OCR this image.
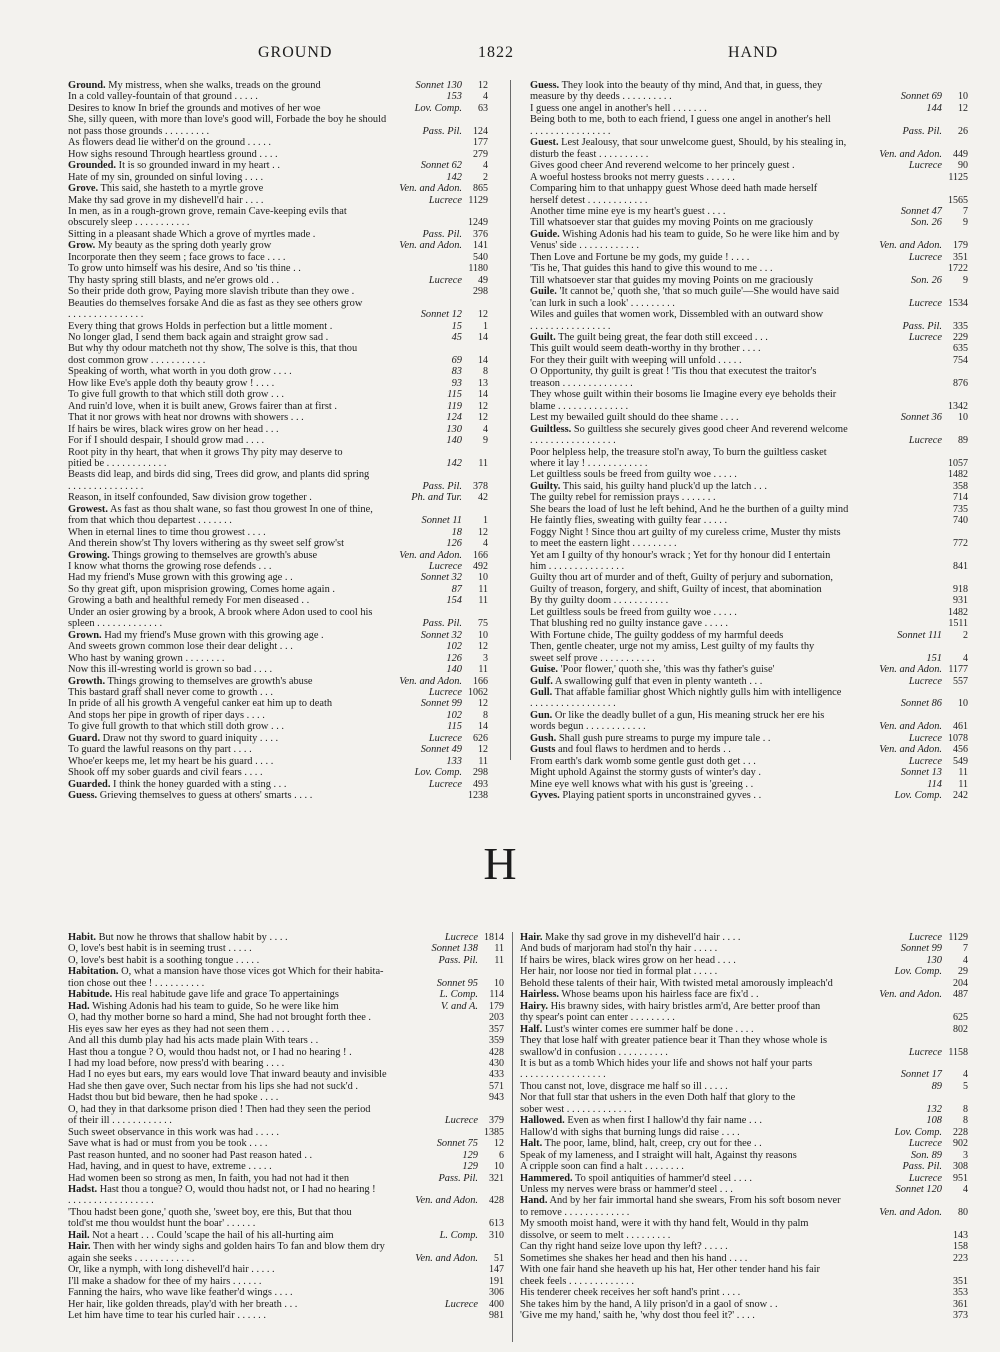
GROUND	1822	HAND
Ground. My mistress, when she walks, treads on the ground	Sonnet 130	12
In a cold valley-fountain of that ground . . . . .	153	4
Desires to know In brief the grounds and motives of her woe	Lov. Comp.	63
She, silly queen, with more than love's good will, Forbade the boy he should
not pass those grounds . . . . . . . . .	Pass. Pil.	124
As flowers dead lie wither'd on the ground . . . . .	177
How sighs resound Through heartless ground . . . .	279
Grounded. It is so grounded inward in my heart . .	Sonnet 62	4
Hate of my sin, grounded on sinful loving . . . .	142	2
Grove. This said, she hasteth to a myrtle grove	Ven. and Adon.	865
Make thy sad grove in my dishevell'd hair . . . .	Lucrece 1129
In men, as in a rough-grown grove, remain Cave-keeping evils that
obscurely sleep . . . . . . . . . . .	1249
Sitting in a pleasant shade Which a grove of myrtles made .	Pass. Pil.	376
Grow. My beauty as the spring doth yearly grow	Ven. and Adon.	141
Incorporate then they seem ; face grows to face . . . .	540
To grow unto himself was his desire, And so 'tis thine . .	1180
Thy hasty spring still blasts, and ne'er grows old . .	Lucrece	49
So their pride doth grow, Paying more slavish tribute than they owe .	298
Beauties do themselves forsake And die as fast as they see others grow
. . . . . . . . . . . . . . .	Sonnet 12	12
Every thing that grows Holds in perfection but a little moment .	15	1
No longer glad, I send them back again and straight grow sad .	45	14
But why thy odour matcheth not thy show, The solve is this, that thou
dost common grow . . . . . . . . . . .	69	14
Speaking of worth, what worth in you doth grow . . . .	83	8
How like Eve's apple doth thy beauty grow ! . . . .	93	13
To give full growth to that which still doth grow . . .	115	14
And ruin'd love, when it is built anew, Grows fairer than at first .	119	12
That it nor grows with heat nor drowns with showers . . .	124	12
If hairs be wires, black wires grow on her head . . .	130	4
For if I should despair, I should grow mad . . . .	140	9
Root pity in thy heart, that when it grows Thy pity may deserve to
pitied be . . . . . . . . . . . .	142	11
Beasts did leap, and birds did sing, Trees did grow, and plants did spring
. . . . . . . . . . . . . . .	Pass. Pil.	378
Reason, in itself confounded, Saw division grow together .	Ph. and Tur.	42
Growest. As fast as thou shalt wane, so fast thou growest In one of thine,
from that which thou departest . . . . . . .	Sonnet 11	1
When in eternal lines to time thou growest . . . .	18	12
And therein show'st Thy lovers withering as thy sweet self grow'st	126	4
Growing. Things growing to themselves are growth's abuse	Ven. and Adon.	166
I know what thorns the growing rose defends . . .	Lucrece	492
Had my friend's Muse grown with this growing age . .	Sonnet 32	10
So thy great gift, upon misprision growing, Comes home again .	87	11
Growing a bath and healthful remedy For men diseased . .	154	11
Under an osier growing by a brook, A brook where Adon used to cool his
spleen . . . . . . . . . . . . .	Pass. Pil.	75
Grown. Had my friend's Muse grown with this growing age .	Sonnet 32	10
And sweets grown common lose their dear delight . . .	102	12
Who hast by waning grown . . . . . . . .	126	3
Now this ill-wresting world is grown so bad . . . .	140	11
Growth. Things growing to themselves are growth's abuse	Ven. and Adon.	166
This bastard graff shall never come to growth . . .	Lucrece 1062
In pride of all his growth A vengeful canker eat him up to death	Sonnet 99	12
And stops her pipe in growth of riper days . . . .	102	8
To give full growth to that which still doth grow . . .	115	14
Guard. Draw not thy sword to guard iniquity . . . .	Lucrece	626
To guard the lawful reasons on thy part . . . .	Sonnet 49	12
Whoe'er keeps me, let my heart be his guard . . . .	133	11
Shook off my sober guards and civil fears . . . .	Lov. Comp.	298
Guarded. I think the honey guarded with a sting . . .	Lucrece	493
Guess. Grieving themselves to guess at others' smarts . . . .	1238
Guess. They look into the beauty of thy mind, And that, in guess, they
measure by thy deeds . . . . . . . . . .	Sonnet 69	10
I guess one angel in another's hell . . . . . . .	144	12
Being both to me, both to each friend, I guess one angel in another's hell
. . . . . . . . . . . . . . . .	Pass. Pil.	26
Guest. Lest Jealousy, that sour unwelcome guest, Should, by his stealing in,
disturb the feast . . . . . . . . . .	Ven. and Adon.	449
Gives good cheer And reverend welcome to her princely guest .	Lucrece	90
A woeful hostess brooks not merry guests . . . . . .	1125
Comparing him to that unhappy guest Whose deed hath made herself
herself detest . . . . . . . . . . . .	1565
Another time mine eye is my heart's guest . . . .	Sonnet 47	7
Till whatsoever star that guides my moving Points on me graciously	Son. 26	9
Guide. Wishing Adonis had his team to guide, So he were like him and by
Venus' side . . . . . . . . . . . .	Ven. and Adon.	179
Then Love and Fortune be my gods, my guide ! . . . .	Lucrece	351
'Tis he, That guides this hand to give this wound to me . . .	1722
Till whatsoever star that guides my moving Points on me graciously	Son. 26	9
Guile. 'It cannot be,' quoth she, 'that so much guile'—She would have said
'can lurk in such a look' . . . . . . . . .	Lucrece 1534
Wiles and guiles that women work, Dissembled with an outward show
. . . . . . . . . . . . . . . .	Pass. Pil.	335
Guilt. The guilt being great, the fear doth still exceed . . .	Lucrece	229
This guilt would seem death-worthy in thy brother . . . .	635
For they their guilt with weeping will unfold . . . . .	754
O Opportunity, thy guilt is great ! 'Tis thou that executest the traitor's
treason . . . . . . . . . . . . . .	876
They whose guilt within their bosoms lie Imagine every eye beholds their
blame . . . . . . . . . . . . . .	1342
Lest my bewailed guilt should do thee shame . . . .	Sonnet 36	10
Guiltless. So guiltless she securely gives good cheer And reverend welcome
. . . . . . . . . . . . . . . . .	Lucrece	89
Poor helpless help, the treasure stol'n away, To burn the guiltless casket
where it lay ! . . . . . . . . . . . .	1057
Let guiltless souls be freed from guilty woe . . . . .	1482
Guilty. This said, his guilty hand pluck'd up the latch . . .	358
The guilty rebel for remission prays . . . . . . .	714
She bears the load of lust he left behind, And he the burthen of a guilty mind	735
He faintly flies, sweating with guilty fear . . . . .	740
Foggy Night ! Since thou art guilty of my cureless crime, Muster thy mists
to meet the eastern light . . . . . . . . .	772
Yet am I guilty of thy honour's wrack ; Yet for thy honour did I entertain
him . . . . . . . . . . . . . . .	841
Guilty thou art of murder and of theft, Guilty of perjury and subornation,
Guilty of treason, forgery, and shift, Guilty of incest, that abomination	918
By thy guilty doom . . . . . . . . . . .	931
Let guiltless souls be freed from guilty woe . . . . .	1482
That blushing red no guilty instance gave . . . . .	1511
With Fortune chide, The guilty goddess of my harmful deeds	Sonnet 111	2
Then, gentle cheater, urge not my amiss, Lest guilty of my faults thy
sweet self prove . . . . . . . . . . .	151	4
Guise. 'Poor flower,' quoth she, 'this was thy father's guise'	Ven. and Adon. 1177
Gulf. A swallowing gulf that even in plenty wanteth . . .	Lucrece	557
Gull. That affable familiar ghost Which nightly gulls him with intelligence
. . . . . . . . . . . . . . . . .	Sonnet 86	10
Gun. Or like the deadly bullet of a gun, His meaning struck her ere his
words begun . . . . . . . . . . . .	Ven. and Adon.	461
Gush. Shall gush pure streams to purge my impure tale . .	Lucrece 1078
Gusts and foul flaws to herdmen and to herds . .	Ven. and Adon.	456
From earth's dark womb some gentle gust doth get . . .	Lucrece	549
Might uphold Against the stormy gusts of winter's day .	Sonnet 13	11
Mine eye well knows what with his gust is 'greeing . .	114	11
Gyves. Playing patient sports in unconstrained gyves . .	Lov. Comp.	242
H
Habit. But now he throws that shallow habit by . . . .	Lucrece 1814
O, love's best habit is in seeming trust . . . . .	Sonnet 138	11
O, love's best habit is a soothing tongue . . . . .	Pass. Pil.	11
Habitation. O, what a mansion have those vices got Which for their habita-
tion chose out thee ! . . . . . . . . . .	Sonnet 95	10
Habitude. His real habitude gave life and grace To appertainings	L. Comp.	114
Had. Wishing Adonis had his team to guide, So he were like him	V. and A.	179
O, had thy mother borne so hard a mind, She had not brought forth thee .	203
His eyes saw her eyes as they had not seen them . . . .	357
And all this dumb play had his acts made plain With tears . .	359
Hast thou a tongue ? O, would thou hadst not, or I had no hearing ! .	428
I had my load before, now press'd with bearing . . . .	430
Had I no eyes but ears, my ears would love That inward beauty and invisible	433
Had she then gave over, Such nectar from his lips she had not suck'd .	571
Hadst thou but bid beware, then he had spoke . . . .	943
O, had they in that darksome prison died ! Then had they seen the period
of their ill . . . . . . . . . . . .	Lucrece	379
Such sweet observance in this work was had . . . . .	1385
Save what is had or must from you be took . . . .	Sonnet 75	12
Past reason hunted, and no sooner had Past reason hated . .	129	6
Had, having, and in quest to have, extreme . . . . .	129	10
Had women been so strong as men, In faith, you had not had it then	Pass. Pil.	321
Hadst. Hast thou a tongue? O, would thou hadst not, or I had no hearing !
. . . . . . . . . . . . . . . . .	Ven. and Adon.	428
'Thou hadst been gone,' quoth she, 'sweet boy, ere this, But that thou
told'st me thou wouldst hunt the boar' . . . . . .	613
Hail. Not a heart . . . Could 'scape the hail of his all-hurting aim	L. Comp.	310
Hair. Then with her windy sighs and golden hairs To fan and blow them dry
again she seeks . . . . . . . . . . . .	Ven. and Adon.	51
Or, like a nymph, with long dishevell'd hair . . . . .	147
I'll make a shadow for thee of my hairs . . . . . .	191
Fanning the hairs, who wave like feather'd wings . . . .	306
Her hair, like golden threads, play'd with her breath . . .	Lucrece	400
Let him have time to tear his curled hair . . . . . .	981
Hair. Make thy sad grove in my dishevell'd hair . . . .	Lucrece 1129
And buds of marjoram had stol'n thy hair . . . . .	Sonnet 99	7
If hairs be wires, black wires grow on her head . . . .	130	4
Her hair, nor loose nor tied in formal plat . . . . .	Lov. Comp.	29
Behold these talents of their hair, With twisted metal amorously impleach'd	204
Hairless. Whose beams upon his hairless face are fix'd . .	Ven. and Adon.	487
Hairy. His brawny sides, with hairy bristles arm'd, Are better proof than
thy spear's point can enter . . . . . . . . .	625
Half. Lust's winter comes ere summer half be done . . . .	802
They that lose half with greater patience bear it Than they whose whole is
swallow'd in confusion . . . . . . . . . .	Lucrece 1158
It is but as a tomb Which hides your life and shows not half your parts
. . . . . . . . . . . . . . . . .	Sonnet 17	4
Thou canst not, love, disgrace me half so ill . . . . .	89	5
Nor that full star that ushers in the even Doth half that glory to the
sober west . . . . . . . . . . . . .	132	8
Hallowed. Even as when first I hallow'd thy fair name . . .	108	8
Hallow'd with sighs that burning lungs did raise . . . .	Lov. Comp.	228
Halt. The poor, lame, blind, halt, creep, cry out for thee . .	Lucrece	902
Speak of my lameness, and I straight will halt, Against thy reasons	Son. 89	3
A cripple soon can find a halt . . . . . . . .	Pass. Pil.	308
Hammered. To spoil antiquities of hammer'd steel . . . .	Lucrece	951
Unless my nerves were brass or hammer'd steel . . .	Sonnet 120	4
Hand. And by her fair immortal hand she swears, From his soft bosom never
to remove . . . . . . . . . . . . .	Ven. and Adon.	80
My smooth moist hand, were it with thy hand felt, Would in thy palm
dissolve, or seem to melt . . . . . . . . .	143
Can thy right hand seize love upon thy left? . . . . .	158
Sometimes she shakes her head and then his hand . . . .	223
With one fair hand she heaveth up his hat, Her other tender hand his fair
cheek feels . . . . . . . . . . . . .	351
His tenderer cheek receives her soft hand's print . . . .	353
She takes him by the hand, A lily prison'd in a gaol of snow . .	361
'Give me my hand,' saith he, 'why dost thou feel it?' . . . .	373
